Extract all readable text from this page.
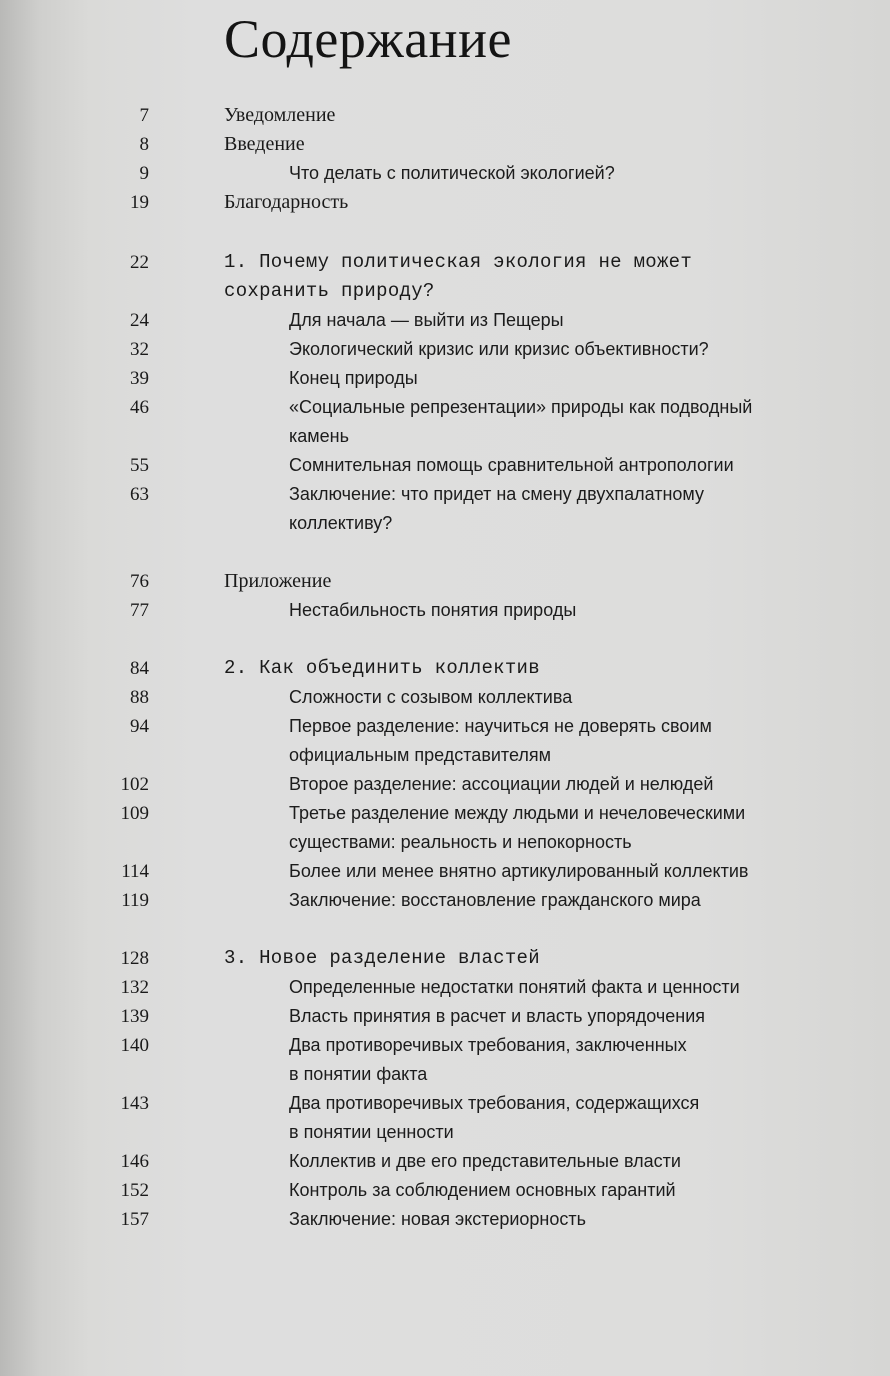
Содержание
7	Уведомление
8	Введение
9	Что делать с политической экологией?
19	Благодарность
22	1. Почему политическая экология не может
сохранить природу?
24	Для начала — выйти из Пещеры
32	Экологический кризис или кризис объективности?
39	Конец природы
46	«Социальные репрезентации» природы как подводный
камень
55	Сомнительная помощь сравнительной антропологии
63	Заключение: что придет на смену двухпалатному
коллективу?
76	Приложение
77	Нестабильность понятия природы
84	2. Как объединить коллектив
88	Сложности с созывом коллектива
94	Первое разделение: научиться не доверять своим
официальным представителям
102	Второе разделение: ассоциации людей и нелюдей
109	Третье разделение между людьми и нечеловеческими
существами: реальность и непокорность
114	Более или менее внятно артикулированный коллектив
119	Заключение: восстановление гражданского мира
128	3. Новое разделение властей
132	Определенные недостатки понятий факта и ценности
139	Власть принятия в расчет и власть упорядочения
140	Два противоречивых требования, заключенных
в понятии факта
143	Два противоречивых требования, содержащихся
в понятии ценности
146	Коллектив и две его представительные власти
152	Контроль за соблюдением основных гарантий
157	Заключение: новая экстериорность
